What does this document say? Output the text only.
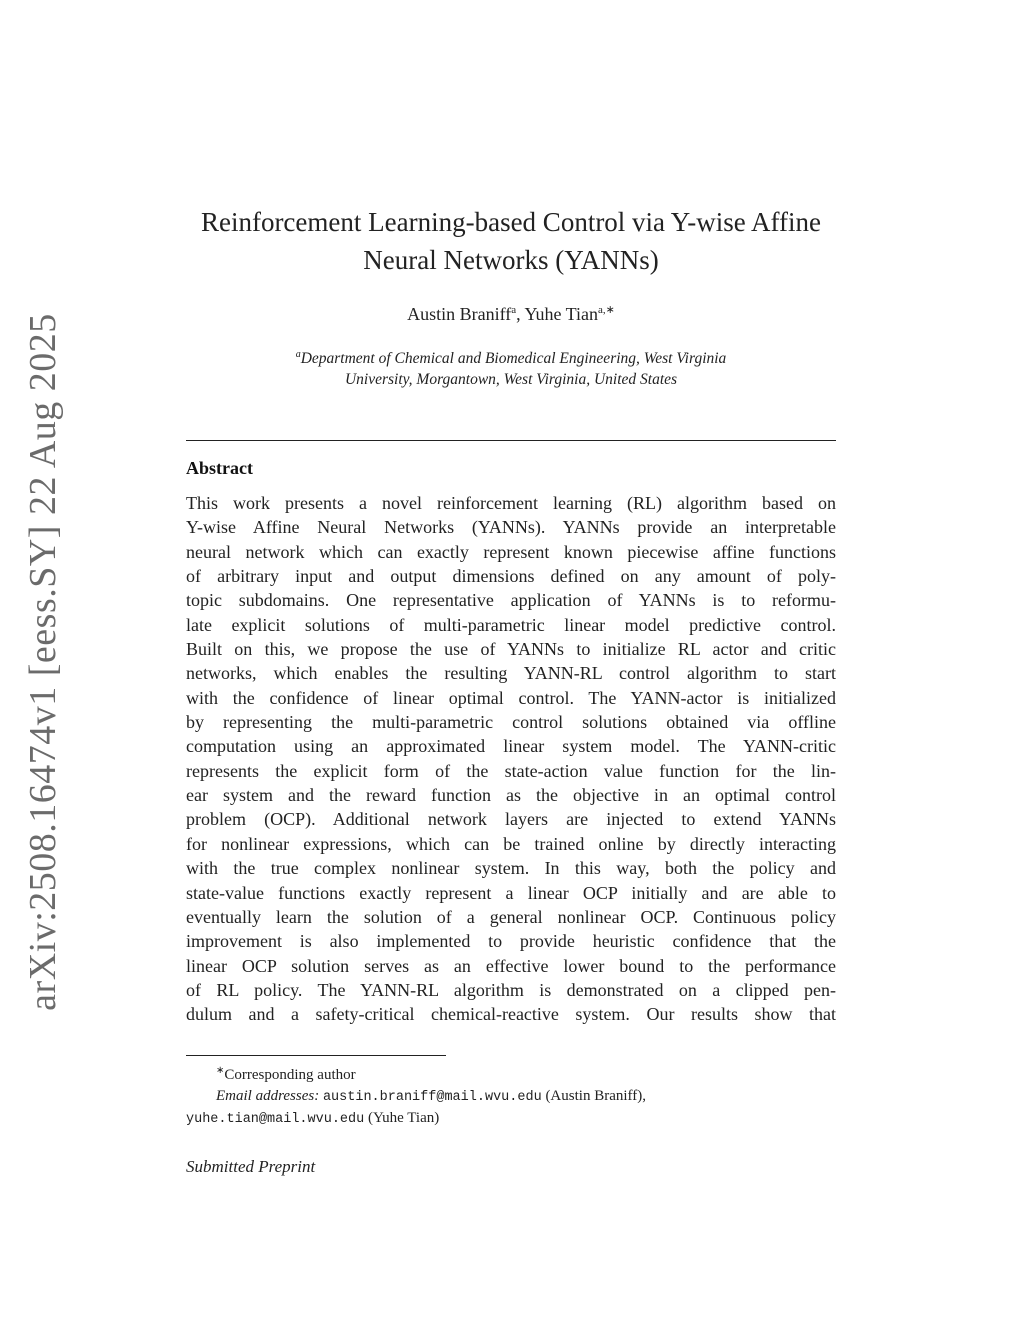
arXiv:2508.16474v1 [eess.SY] 22 Aug 2025
Reinforcement Learning-based Control via Y-wise Affine
Neural Networks (YANNs)
Austin Braniff$^a$, Yuhe Tian$^{a,∗}$
$^a$Department of Chemical and Biomedical Engineering, West Virginia
University, Morgantown, West Virginia, United States
Abstract
This work presents a novel reinforcement learning (RL) algorithm based on
Y-wise Affine Neural Networks (YANNs). YANNs provide an interpretable
neural network which can exactly represent known piecewise affine functions
of arbitrary input and output dimensions defined on any amount of poly-
topic subdomains. One representative application of YANNs is to reformu-
late explicit solutions of multi-parametric linear model predictive control.
Built on this, we propose the use of YANNs to initialize RL actor and critic
networks, which enables the resulting YANN-RL control algorithm to start
with the confidence of linear optimal control. The YANN-actor is initialized
by representing the multi-parametric control solutions obtained via offline
computation using an approximated linear system model. The YANN-critic
represents the explicit form of the state-action value function for the lin-
ear system and the reward function as the objective in an optimal control
problem (OCP). Additional network layers are injected to extend YANNs
for nonlinear expressions, which can be trained online by directly interacting
with the true complex nonlinear system. In this way, both the policy and
state-value functions exactly represent a linear OCP initially and are able to
eventually learn the solution of a general nonlinear OCP. Continuous policy
improvement is also implemented to provide heuristic confidence that the
linear OCP solution serves as an effective lower bound to the performance
of RL policy. The YANN-RL algorithm is demonstrated on a clipped pen-
dulum and a safety-critical chemical-reactive system. Our results show that
∗Corresponding author
Email addresses: austin.braniff@mail.wvu.edu (Austin Braniff),
yuhe.tian@mail.wvu.edu (Yuhe Tian)
Submitted Preprint
